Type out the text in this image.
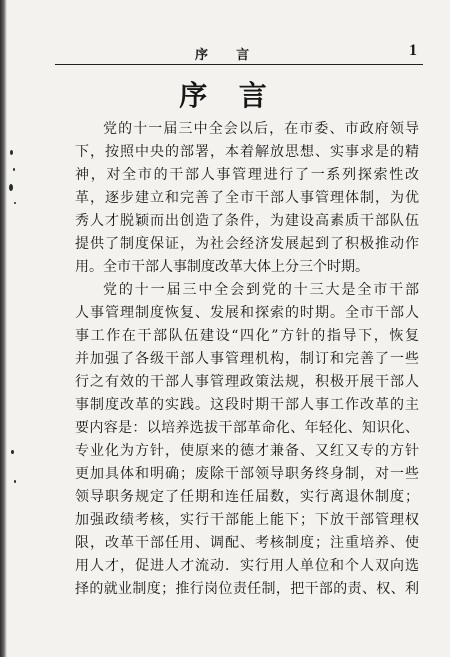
序    言	1
序  言
党的十一届三中全会以后，在市委、市政府领导
下，按照中央的部署，本着解放思想、实事求是的精
神，对全市的干部人事管理进行了一系列探索性改
革，逐步建立和完善了全市干部人事管理体制，为优
秀人才脱颖而出创造了条件，为建设高素质干部队伍
提供了制度保证，为社会经济发展起到了积极推动作
用。全市干部人事制度改革大体上分三个时期。
党的十一届三中全会到党的十三大是全市干部
人事管理制度恢复、发展和探索的时期。全市干部人
事工作在干部队伍建设“四化”方针的指导下，恢复
并加强了各级干部人事管理机构，制订和完善了一些
行之有效的干部人事管理政策法规，积极开展干部人
事制度改革的实践。这段时期干部人事工作改革的主
要内容是：以培养选拔干部革命化、年轻化、知识化、
专业化为方针，使原来的德才兼备、又红又专的方针
更加具体和明确；废除干部领导职务终身制，对一些
领导职务规定了任期和连任届数，实行离退休制度；
加强政绩考核，实行干部能上能下；下放干部管理权
限，改革干部任用、调配、考核制度；注重培养、使
用人才，促进人才流动．实行用人单位和个人双向选
择的就业制度；推行岗位责任制，把干部的责、权、利
